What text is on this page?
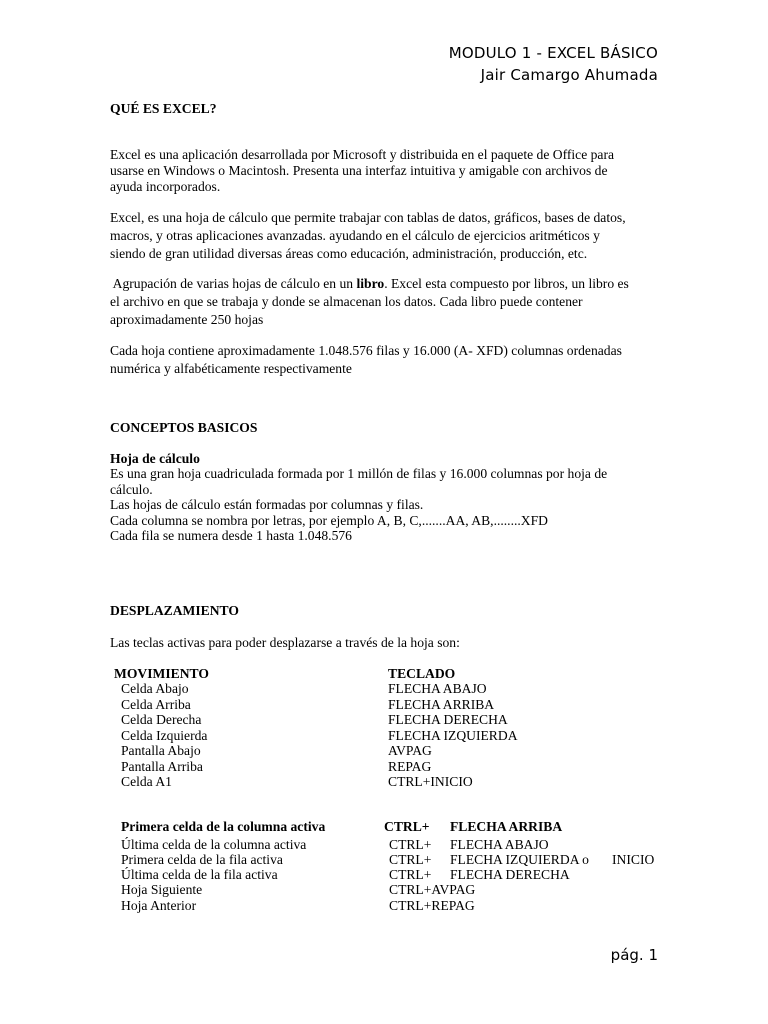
MODULO 1 - EXCEL BÁSICO
Jair Camargo Ahumada
QUÉ ES EXCEL?
Excel es una aplicación desarrollada por Microsoft y distribuida en el paquete de Office para
usarse en Windows o Macintosh. Presenta una interfaz intuitiva y amigable con archivos de
ayuda incorporados.
Excel, es una hoja de cálculo que permite trabajar con tablas de datos, gráficos, bases de datos,
macros, y otras aplicaciones avanzadas. ayudando en el cálculo de ejercicios aritméticos y
siendo de gran utilidad diversas áreas como educación, administración, producción, etc.
Agrupación de varias hojas de cálculo en un libro. Excel esta compuesto por libros, un libro es
el archivo en que se trabaja y donde se almacenan los datos. Cada libro puede contener
aproximadamente 250 hojas
Cada hoja contiene aproximadamente 1.048.576 filas y 16.000 (A- XFD) columnas ordenadas
numérica y alfabéticamente respectivamente
CONCEPTOS BASICOS
Hoja de cálculo
Es una gran hoja cuadriculada formada por 1 millón de filas y 16.000 columnas por hoja de
cálculo.
Las hojas de cálculo están formadas por columnas y filas.
Cada columna se nombra por letras, por ejemplo A, B, C,.......AA, AB,........XFD
Cada fila se numera desde 1 hasta 1.048.576
DESPLAZAMIENTO
Las teclas activas para poder desplazarse a través de la hoja son:
MOVIMIENTO	TECLADO
Celda Abajo	FLECHA ABAJO
Celda Arriba	FLECHA ARRIBA
Celda Derecha	FLECHA DERECHA
Celda Izquierda	FLECHA IZQUIERDA
Pantalla Abajo	AVPAG
Pantalla Arriba	REPAG
Celda A1	CTRL+INICIO
Primera celda de la columna activa	CTRL+ FLECHA ARRIBA
Última celda de la columna activa	CTRL+ FLECHA ABAJO
Primera celda de la fila activa	CTRL+ FLECHA IZQUIERDA o INICIO
Última celda de la fila activa	CTRL+ FLECHA DERECHA
Hoja Siguiente	CTRL+AVPAG
Hoja Anterior	CTRL+REPAG
pág. 1
